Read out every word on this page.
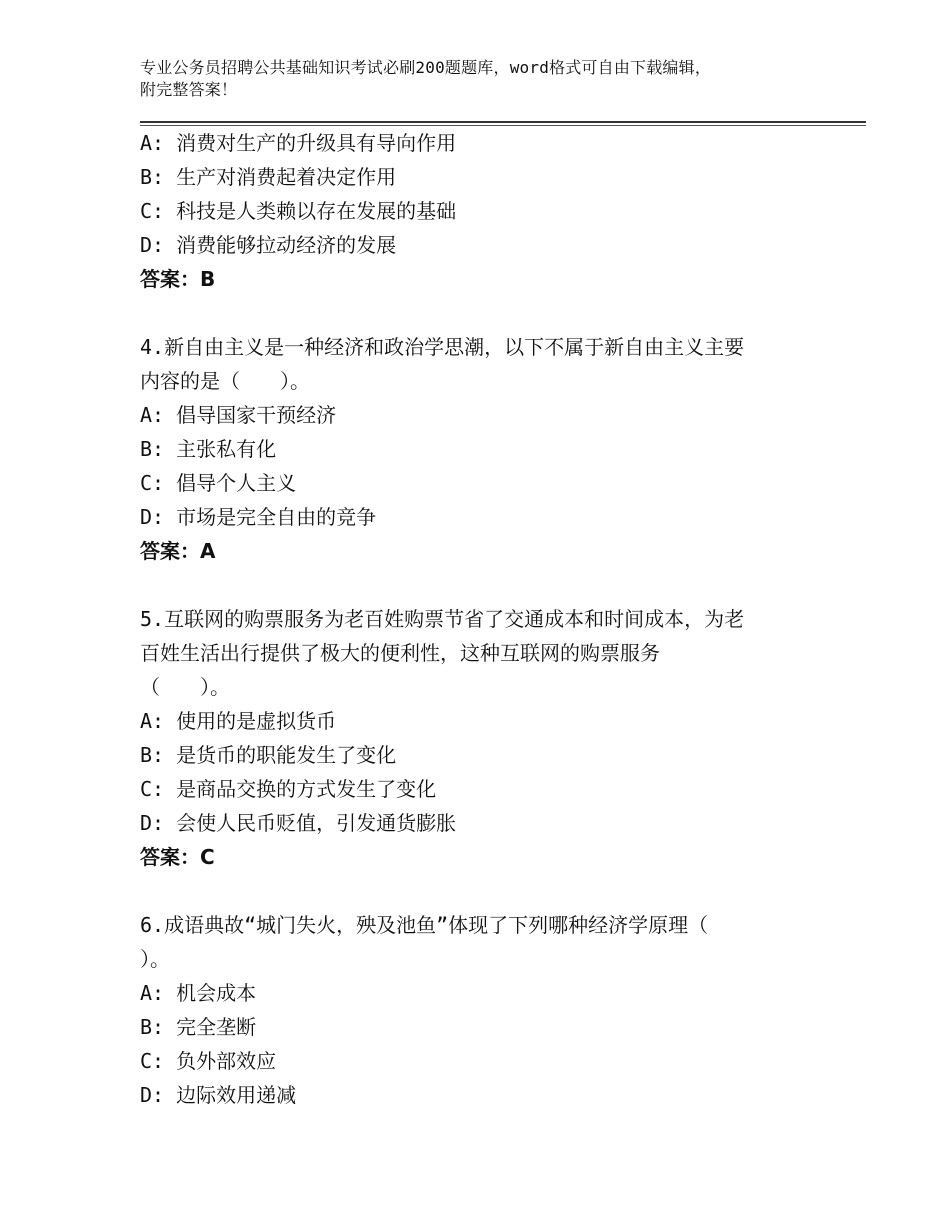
专业公务员招聘公共基础知识考试必刷200题题库，word格式可自由下载编辑，
附完整答案！
A: 消费对生产的升级具有导向作用
B: 生产对消费起着决定作用
C: 科技是人类赖以存在发展的基础
D: 消费能够拉动经济的发展
答案：B
4.新自由主义是一种经济和政治学思潮，以下不属于新自由主义主要
内容的是（　　）。
A: 倡导国家干预经济
B: 主张私有化
C: 倡导个人主义
D: 市场是完全自由的竞争
答案：A
5.互联网的购票服务为老百姓购票节省了交通成本和时间成本，为老
百姓生活出行提供了极大的便利性，这种互联网的购票服务
（　　）。
A: 使用的是虚拟货币
B: 是货币的职能发生了变化
C: 是商品交换的方式发生了变化
D: 会使人民币贬值，引发通货膨胀
答案：C
6.成语典故“城门失火，殃及池鱼”体现了下列哪种经济学原理（
）。
A: 机会成本
B: 完全垄断
C: 负外部效应
D: 边际效用递减
